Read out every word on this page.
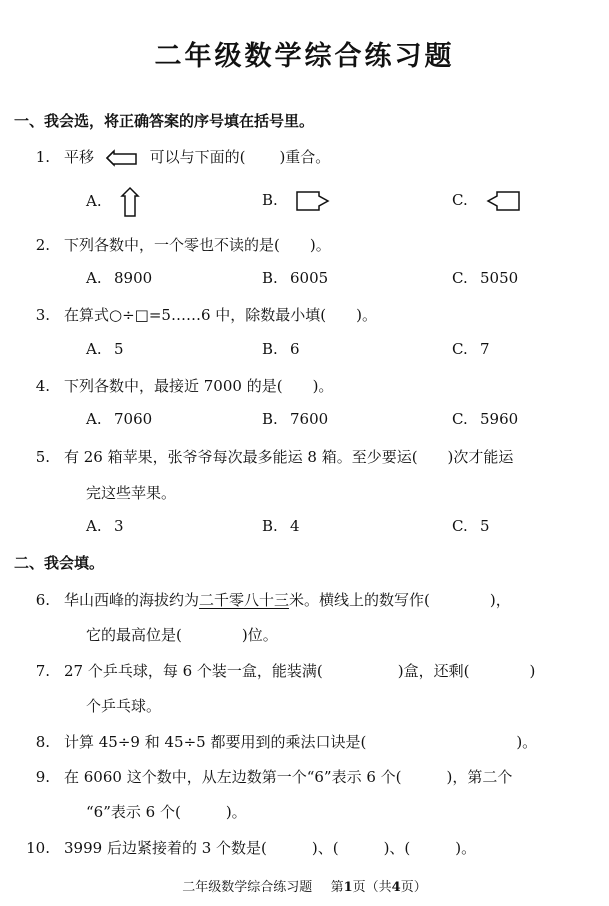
二年级数学综合练习题
一、我会选，将正确答案的序号填在括号里。
1. 平移	可以与下面的( )重合。
A.	B.	C.
2. 下列各数中，一个零也不读的是(　　)。
A. 8900	B. 6005	C. 5050
3. 在算式○÷□=5……6 中，除数最小填(　　)。
A. 5	B. 6	C. 7
4. 下列各数中，最接近 7000 的是(　　)。
A. 7060	B. 7600	C. 5960
5. 有 26 箱苹果，张爷爷每次最多能运 8 箱。至少要运(　　)次才能运
完这些苹果。
A. 3	B. 4	C. 5
二、我会填。
6. 华山西峰的海拔约为二千零八十三米。横线上的数写作(　　　　)，
它的最高位是(　　　　)位。
7. 27 个乒乓球，每 6 个装一盒，能装满(　　　　　)盒，还剩(　　　　)
个乒乓球。
8. 计算 45÷9 和 45÷5 都要用到的乘法口诀是(　　　　　　　　　　)。
9. 在 6060 这个数中，从左边数第一个“6”表示 6 个(　　　)，第二个
“6”表示 6 个(　　　)。
10. 3999 后边紧接着的 3 个数是(　　　)、(　　　)、(　　　)。
二年级数学综合练习题 第1页（共4页）
